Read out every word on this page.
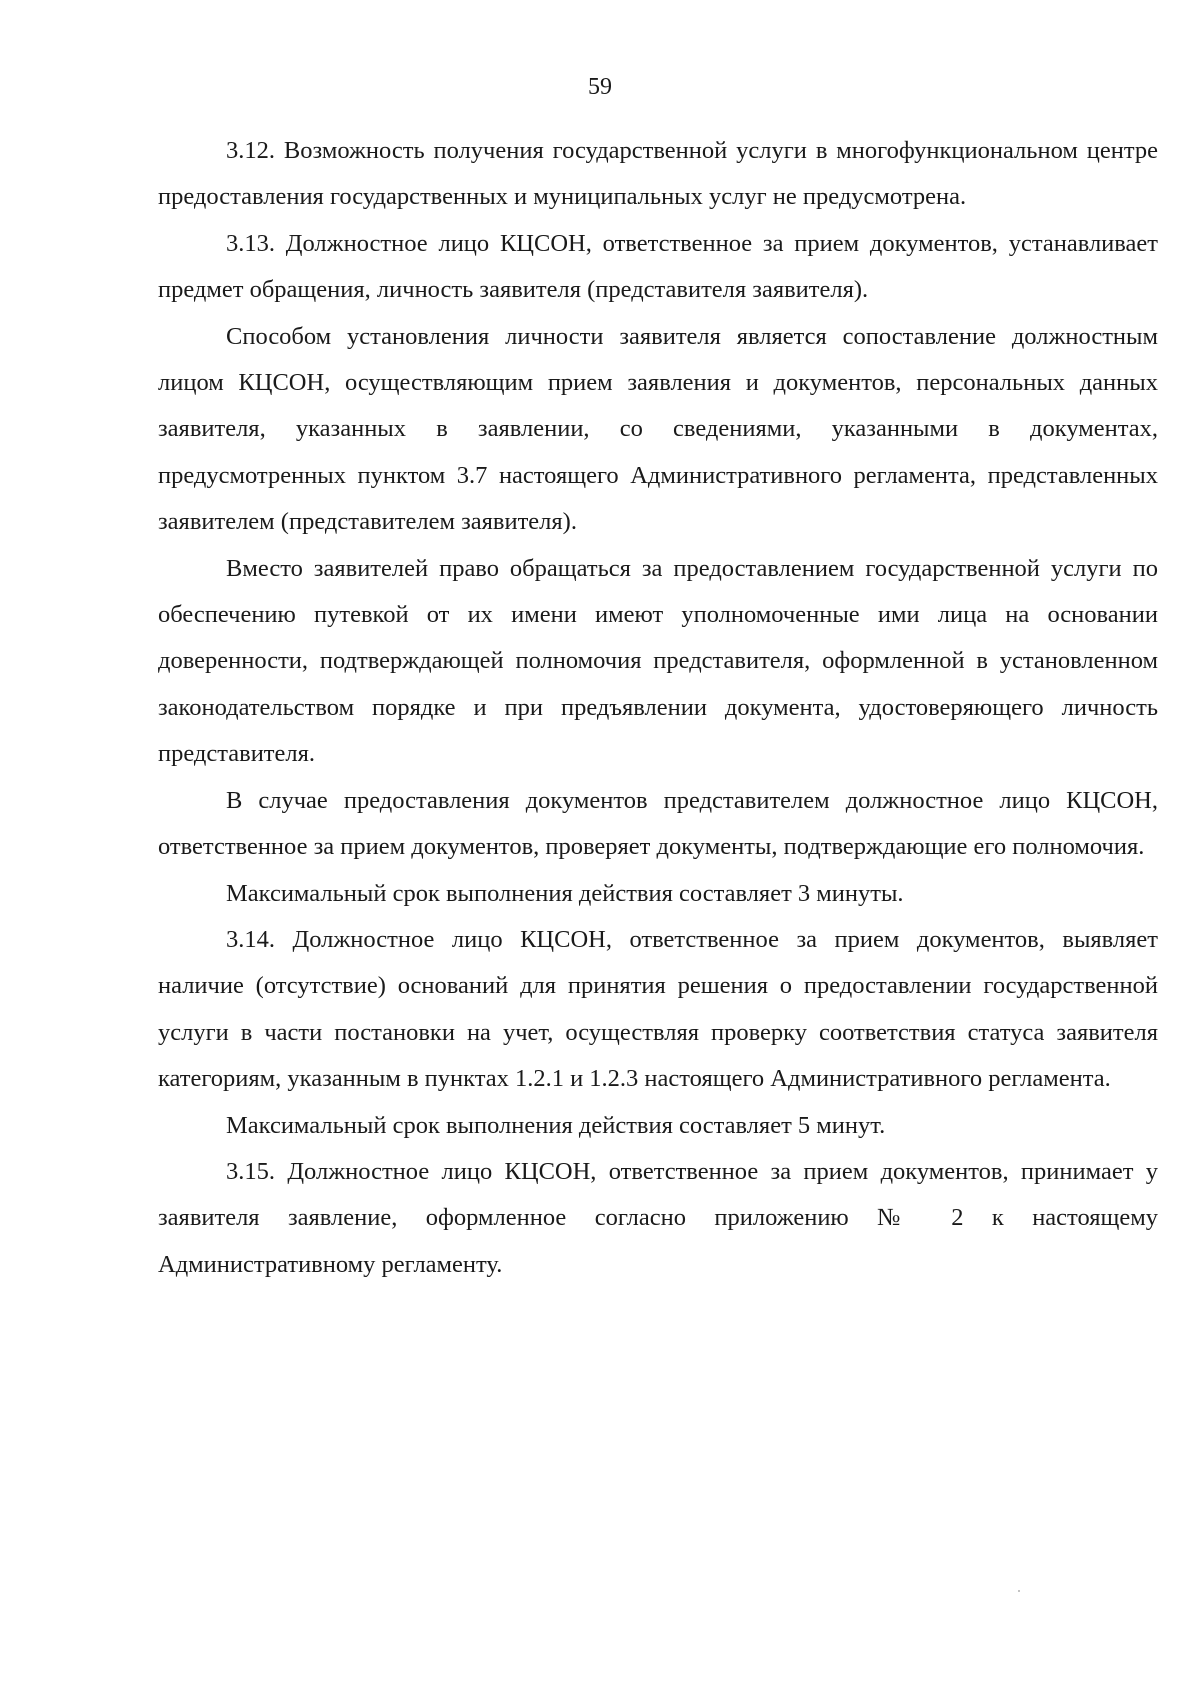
59

3.12. Возможность получения государственной услуги в многофункциональном центре предоставления государственных и муниципальных услуг не предусмотрена.

3.13. Должностное лицо КЦСОН, ответственное за прием документов, устанавливает предмет обращения, личность заявителя (представителя заявителя).

Способом установления личности заявителя является сопоставление должностным лицом КЦСОН, осуществляющим прием заявления и документов, персональных данных заявителя, указанных в заявлении, со сведениями, указанными в документах, предусмотренных пунктом 3.7 настоящего Административного регламента, представленных заявителем (представителем заявителя).

Вместо заявителей право обращаться за предоставлением государственной услуги по обеспечению путевкой от их имени имеют уполномоченные ими лица на основании доверенности, подтверждающей полномочия представителя, оформленной в установленном законодательством порядке и при предъявлении документа, удостоверяющего личность представителя.

В случае предоставления документов представителем должностное лицо КЦСОН, ответственное за прием документов, проверяет документы, подтверждающие его полномочия.

Максимальный срок выполнения действия составляет 3 минуты.

3.14. Должностное лицо КЦСОН, ответственное за прием документов, выявляет наличие (отсутствие) оснований для принятия решения о предоставлении государственной услуги в части постановки на учет, осуществляя проверку соответствия статуса заявителя категориям, указанным в пунктах 1.2.1 и 1.2.3 настоящего Административного регламента.

Максимальный срок выполнения действия составляет 5 минут.

3.15. Должностное лицо КЦСОН, ответственное за прием документов, принимает у заявителя заявление, оформленное согласно приложению № 2 к настоящему Административному регламенту.
